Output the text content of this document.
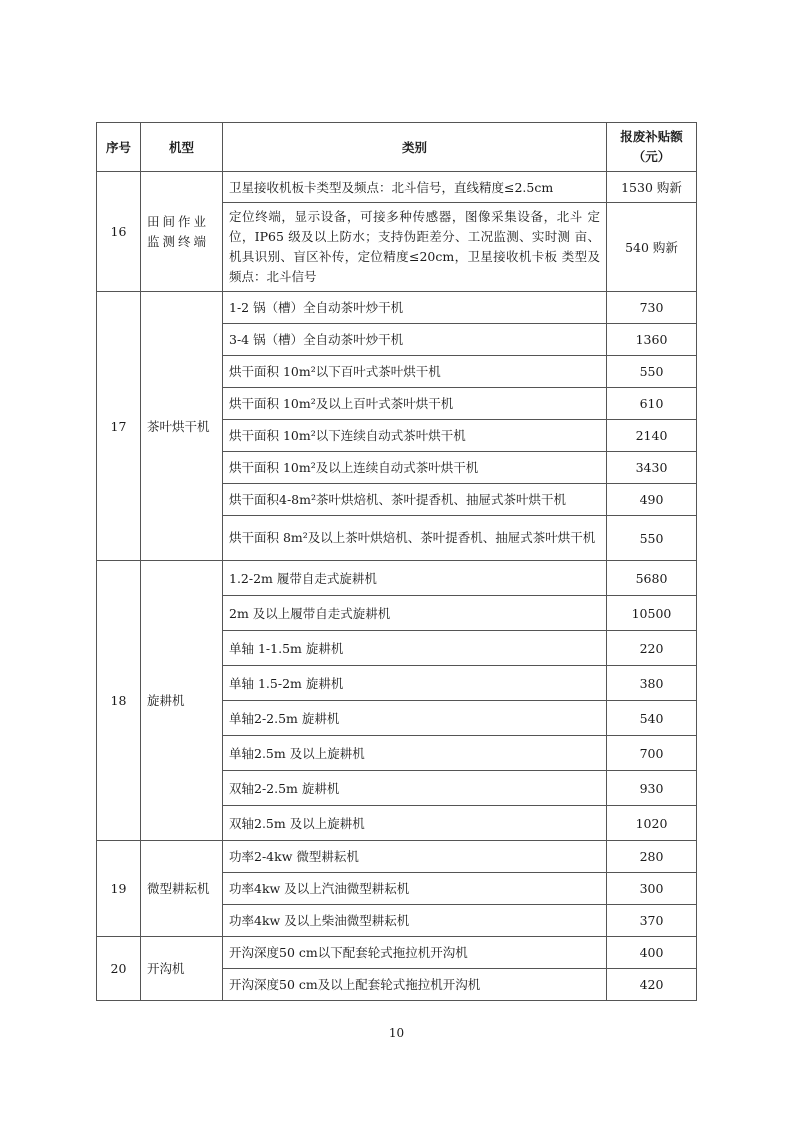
序号	机型	类别	报废补贴额
（元）
16	田间作业监测终端	卫星接收机板卡类型及频点：北斗信号，直线精度≤2.5cm	1530 购新
		定位终端，显示设备，可接多种传感器，图像采集设备，北斗 定位，IP65 级及以上防水；支持伪距差分、工况监测、实时测 亩、机具识别、盲区补传，定位精度≤20cm，卫星接收机卡板 类型及频点：北斗信号	540 购新
17	茶叶烘干机	1-2 锅（槽）全自动茶叶炒干机	730
		3-4 锅（槽）全自动茶叶炒干机	1360
		烘干面积 10m²以下百叶式茶叶烘干机	550
		烘干面积 10m²及以上百叶式茶叶烘干机	610
		烘干面积 10m²以下连续自动式茶叶烘干机	2140
		烘干面积 10m²及以上连续自动式茶叶烘干机	3430
		烘干面积4-8m²茶叶烘焙机、茶叶提香机、抽屉式茶叶烘干机	490
		烘干面积 8m²及以上茶叶烘焙机、茶叶提香机、抽屉式茶叶烘干机	550
18	旋耕机	1.2-2m 履带自走式旋耕机	5680
		2m 及以上履带自走式旋耕机	10500
		单轴 1-1.5m 旋耕机	220
		单轴 1.5-2m 旋耕机	380
		单轴2-2.5m 旋耕机	540
		单轴2.5m 及以上旋耕机	700
		双轴2-2.5m 旋耕机	930
		双轴2.5m 及以上旋耕机	1020
19	微型耕耘机	功率2-4kw 微型耕耘机	280
		功率4kw 及以上汽油微型耕耘机	300
		功率4kw 及以上柴油微型耕耘机	370
20	开沟机	开沟深度50 cm以下配套轮式拖拉机开沟机	400
		开沟深度50 cm及以上配套轮式拖拉机开沟机	420
10
